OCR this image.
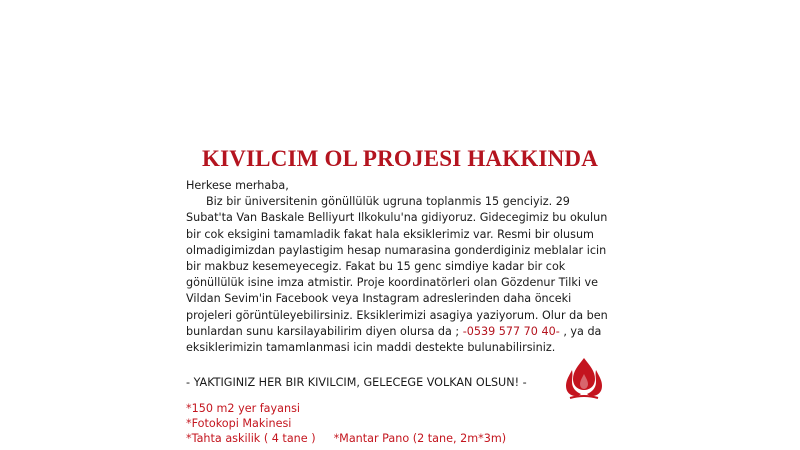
KIVILCIM OL PROJESI HAKKINDA

Herkese merhaba,

Biz bir üniversitenin gönüllülük ugruna toplanmis 15 genciyiz. 29 Subat'ta Van Baskale Belliyurt Ilkokulu'na gidiyoruz. Gidecegimiz bu okulun bir cok eksigini tamamladik fakat hala eksiklerimiz var. Resmi bir olusum olmadigimizdan paylastigim hesap numarasina gonderdiginiz meblalar icin bir makbuz kesemeyecegiz. Fakat bu 15 genc simdiye kadar bir cok gönüllülük isine imza atmistir. Proje koordinatörleri olan Gözdenur Tilki ve Vildan Sevim'in Facebook veya Instagram adreslerinden daha önceki projeleri görüntüleyebilirsiniz. Eksiklerimizi asagiya yaziyorum. Olur da ben bunlardan sunu karsilayabilirim diyen olursa da ; -0539 577 70 40- , ya da eksiklerimizin tamamlanmasi icin maddi destekte bulunabilirsiniz.

- YAKTIGINIZ HER BIR KIVILCIM, GELECEGE VOLKAN OLSUN! -
*150 m2 yer fayansi
*Fotokopi Makinesi
*Tahta askilik ( 4 tane ) *Mantar Pano (2 tane, 2m*3m)
